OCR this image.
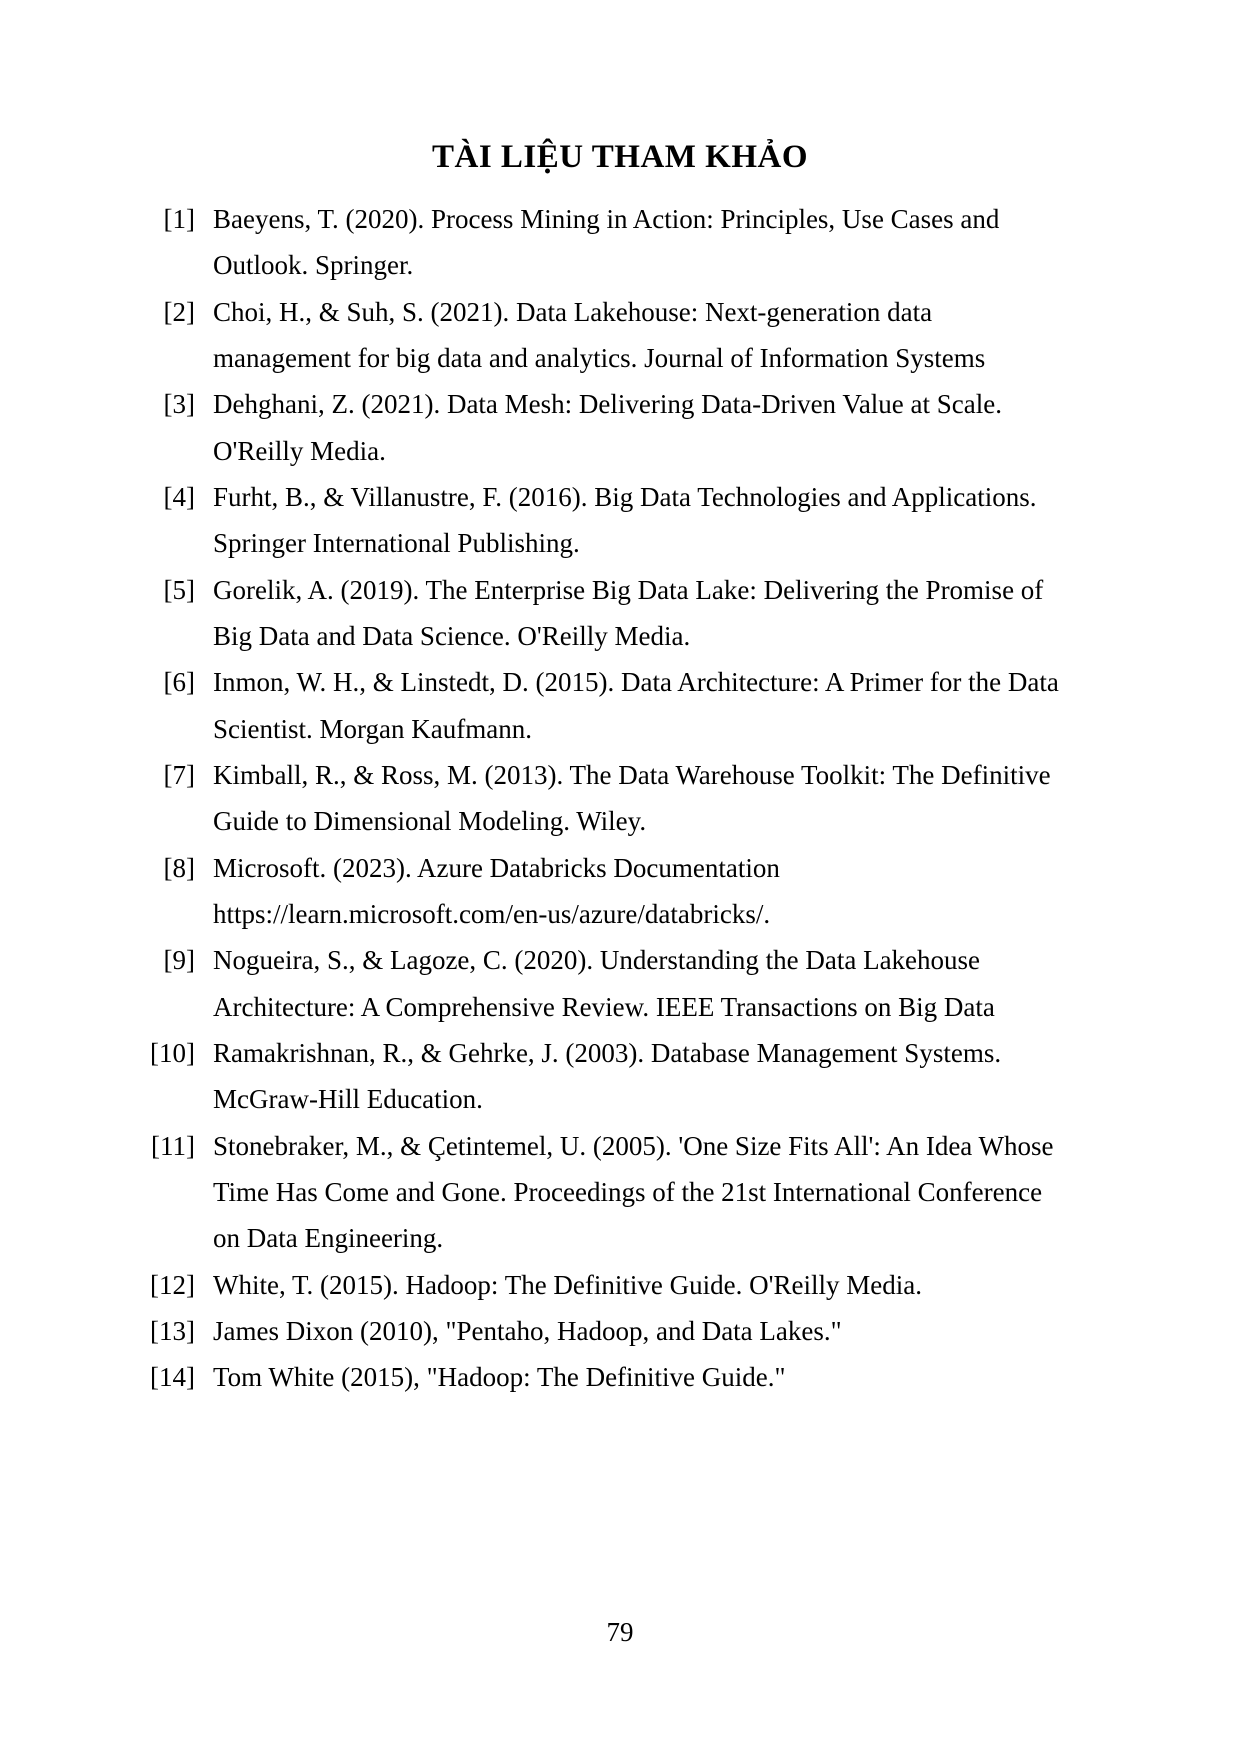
TÀI LIỆU THAM KHẢO
[1] Baeyens, T. (2020). Process Mining in Action: Principles, Use Cases and
Outlook. Springer.
[2] Choi, H., & Suh, S. (2021). Data Lakehouse: Next-generation data
management for big data and analytics. Journal of Information Systems
[3] Dehghani, Z. (2021). Data Mesh: Delivering Data-Driven Value at Scale.
O'Reilly Media.
[4] Furht, B., & Villanustre, F. (2016). Big Data Technologies and Applications.
Springer International Publishing.
[5] Gorelik, A. (2019). The Enterprise Big Data Lake: Delivering the Promise of
Big Data and Data Science. O'Reilly Media.
[6] Inmon, W. H., & Linstedt, D. (2015). Data Architecture: A Primer for the Data
Scientist. Morgan Kaufmann.
[7] Kimball, R., & Ross, M. (2013). The Data Warehouse Toolkit: The Definitive
Guide to Dimensional Modeling. Wiley.
[8] Microsoft. (2023). Azure Databricks Documentation
https://learn.microsoft.com/en-us/azure/databricks/.
[9] Nogueira, S., & Lagoze, C. (2020). Understanding the Data Lakehouse
Architecture: A Comprehensive Review. IEEE Transactions on Big Data
[10] Ramakrishnan, R., & Gehrke, J. (2003). Database Management Systems.
McGraw-Hill Education.
[11] Stonebraker, M., & Çetintemel, U. (2005). 'One Size Fits All': An Idea Whose
Time Has Come and Gone. Proceedings of the 21st International Conference
on Data Engineering.
[12] White, T. (2015). Hadoop: The Definitive Guide. O'Reilly Media.
[13] James Dixon (2010), "Pentaho, Hadoop, and Data Lakes."
[14] Tom White (2015), "Hadoop: The Definitive Guide."
79
